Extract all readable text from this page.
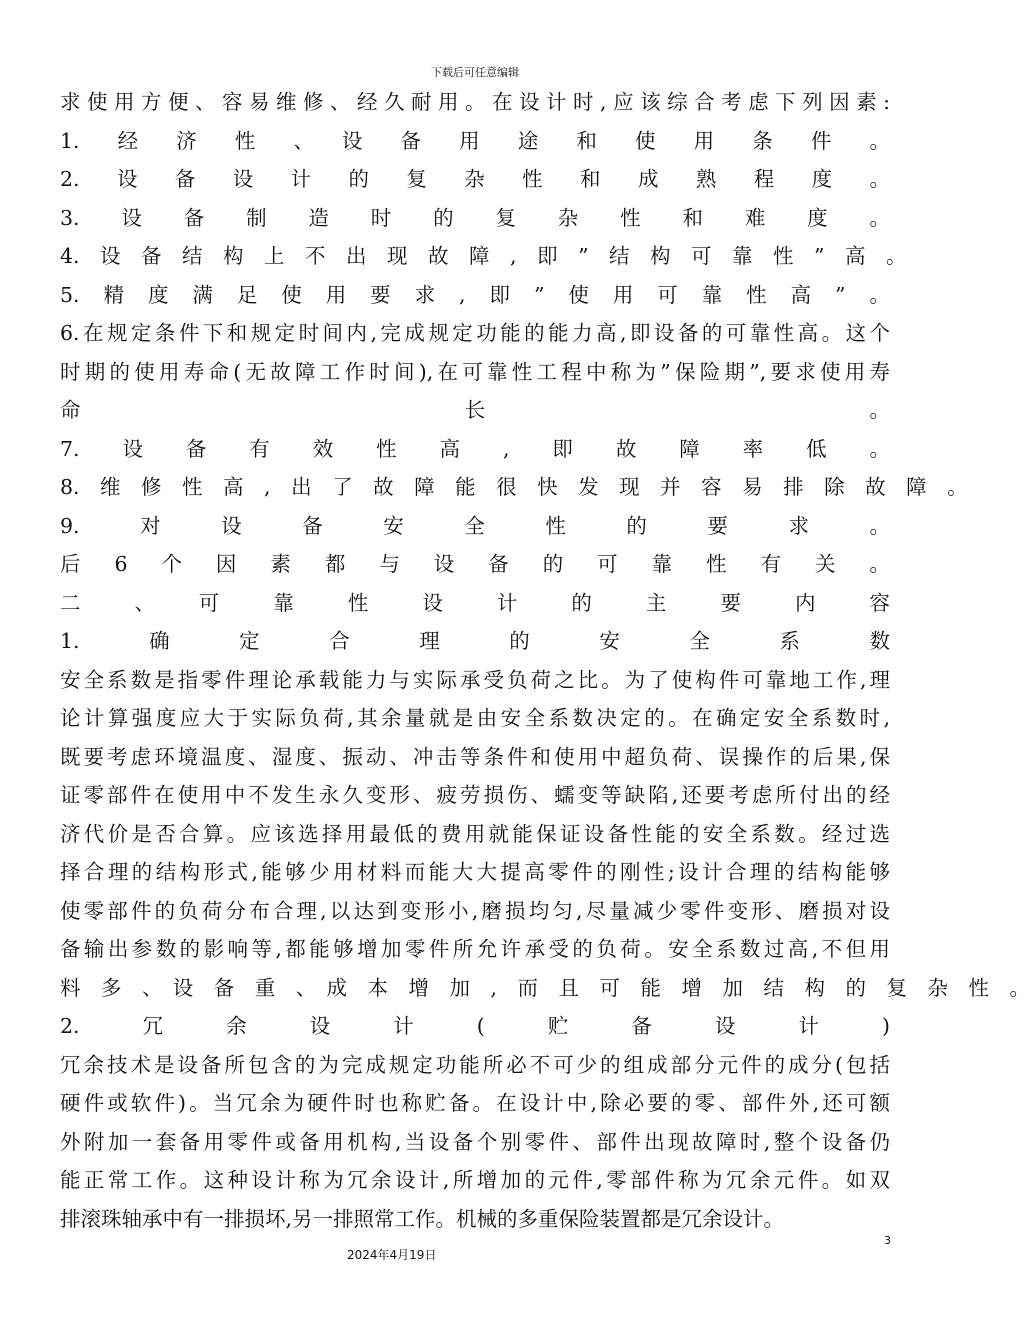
下载后可任意编辑
求使用方便、容易维修、经久耐用。在设计时,应该综合考虑下列因素:
1.　经　济　性　、　设　备　用　途　和　使　用　条　件　。
2.　设　备　设　计　的　复　杂　性　和　成　熟　程　度　。
3.　设　备　制　造　时　的　复　杂　性　和　难　度　。
4.　设　备　结　构　上　不　出　现　故　障　,　即　”　结　构　可　靠　性　”　高　。
5.　精　度　满　足　使　用　要　求　,　即　”　使　用　可　靠　性　高　”　。
6.在规定条件下和规定时间内,完成规定功能的能力高,即设备的可靠性高。这个
时期的使用寿命(无故障工作时间),在可靠性工程中称为”保险期”,要求使用寿
命　长　。
7.　设　备　有　效　性　高　,　即　故　障　率　低　。
8.　维　修　性　高　,　出　了　故　障　能　很　快　发　现　并　容　易　排　除　故　障　。
9.　对　设　备　安　全　性　的　要　求　。
后　6　个　因　素　都　与　设　备　的　可　靠　性　有　关　。
二　、　可　靠　性　设　计　的　主　要　内　容
1.　确　定　合　理　的　安　全　系　数
安全系数是指零件理论承载能力与实际承受负荷之比。为了使构件可靠地工作,理
论计算强度应大于实际负荷,其余量就是由安全系数决定的。在确定安全系数时,
既要考虑环境温度、湿度、振动、冲击等条件和使用中超负荷、误操作的后果,保
证零部件在使用中不发生永久变形、疲劳损伤、蠕变等缺陷,还要考虑所付出的经
济代价是否合算。应该选择用最低的费用就能保证设备性能的安全系数。经过选
择合理的结构形式,能够少用材料而能大大提高零件的刚性;设计合理的结构能够
使零部件的负荷分布合理,以达到变形小,磨损均匀,尽量减少零件变形、磨损对设
备输出参数的影响等,都能够增加零件所允许承受的负荷。安全系数过高,不但用
料　多　、　设　备　重　、　成　本　增　加　,　而　且　可　能　增　加　结　构　的　复　杂　性　。
2.　冗　余　设　计　(　贮　备　设　计　)
冗余技术是设备所包含的为完成规定功能所必不可少的组成部分元件的成分(包括
硬件或软件)。当冗余为硬件时也称贮备。在设计中,除必要的零、部件外,还可额
外附加一套备用零件或备用机构,当设备个别零件、部件出现故障时,整个设备仍
能正常工作。这种设计称为冗余设计,所增加的元件,零部件称为冗余元件。如双
排滚珠轴承中有一排损坏,另一排照常工作。机械的多重保险装置都是冗余设计。
3
2024年4月19日
